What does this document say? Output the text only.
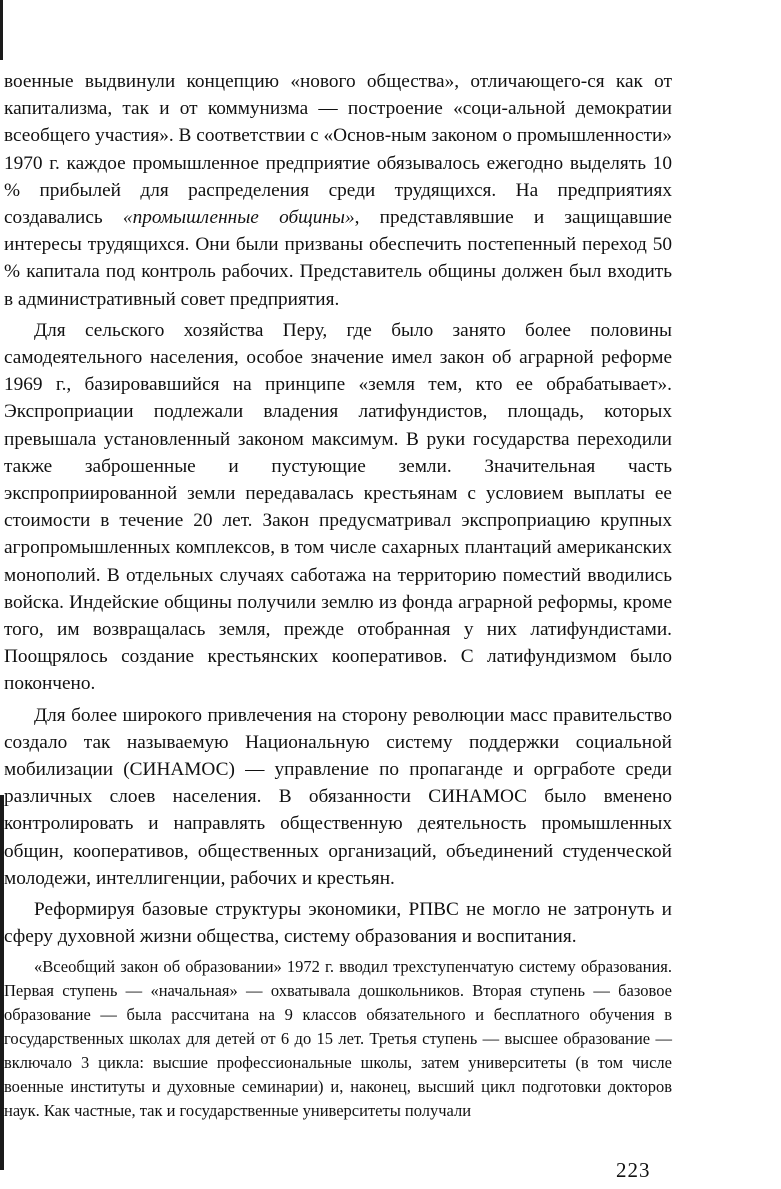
военные выдвинули концепцию «нового общества», отличающего-ся как от капитализма, так и от коммунизма — построение «соци-альной демократии всеобщего участия». В соответствии с «Основ-ным законом о промышленности» 1970 г. каждое промышленное предприятие обязывалось ежегодно выделять 10 % прибылей для распределения среди трудящихся. На предприятиях создавались «промышленные общины», представлявшие и защищавшие интересы трудящихся. Они были призваны обеспечить постепенный переход 50 % капитала под контроль рабочих. Представитель общины должен был входить в административный совет предприятия.

Для сельского хозяйства Перу, где было занято более половины самодеятельного населения, особое значение имел закон об аграрной реформе 1969 г., базировавшийся на принципе «земля тем, кто ее обрабатывает». Экспроприации подлежали владения латифундистов, площадь, которых превышала установленный законом максимум. В руки государства переходили также заброшенные и пустующие земли. Значительная часть экспроприированной земли передавалась крестьянам с условием выплаты ее стоимости в течение 20 лет. Закон предусматривал экспроприацию крупных агропромышленных комплексов, в том числе сахарных плантаций американских монополий. В отдельных случаях саботажа на территорию поместий вводились войска. Индейские общины получили землю из фонда аграрной реформы, кроме того, им возвращалась земля, прежде отобранная у них латифундистами. Поощрялось создание крестьянских кооперативов. С латифундизмом было покончено.

Для более широкого привлечения на сторону революции масс правительство создало так называемую Национальную систему поддержки социальной мобилизации (СИНАМОС) — управление по пропаганде и оргработе среди различных слоев населения. В обязанности СИНАМОС было вменено контролировать и направлять общественную деятельность промышленных общин, кооперативов, общественных организаций, объединений студенческой молодежи, интеллигенции, рабочих и крестьян.

Реформируя базовые структуры экономики, РПВС не могло не затронуть и сферу духовной жизни общества, систему образования и воспитания.

«Всеобщий закон об образовании» 1972 г. вводил трехступенчатую систему образования. Первая ступень — «начальная» — охватывала дошкольников. Вторая ступень — базовое образование — была рассчитана на 9 классов обязательного и бесплатного обучения в государственных школах для детей от 6 до 15 лет. Третья ступень — высшее образование — включало 3 цикла: высшие профессиональные школы, затем университеты (в том числе военные институты и духовные семинарии) и, наконец, высший цикл подготовки докторов наук. Как частные, так и государственные университеты получали

223
